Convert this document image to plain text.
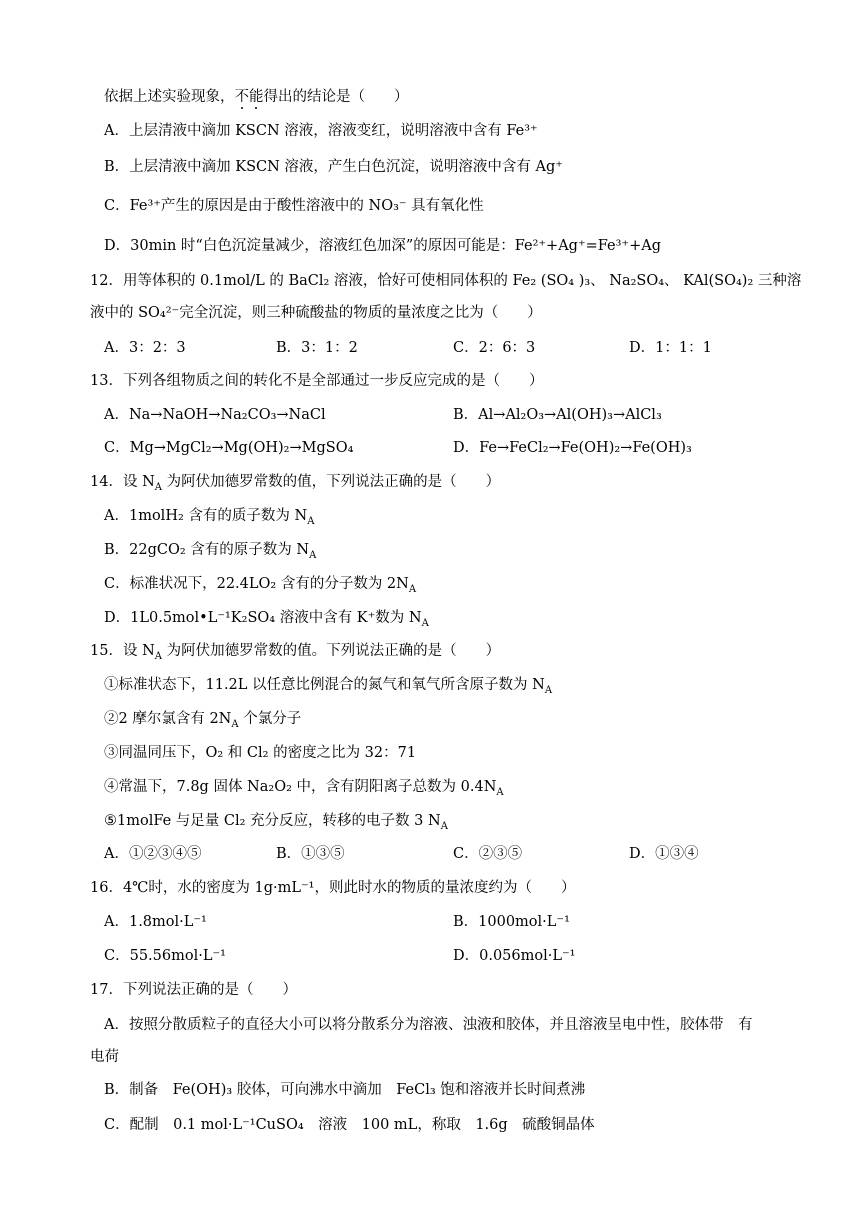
依据上述实验现象，不能得出的结论是（　　）
A．上层清液中滴加 KSCN 溶液，溶液变红，说明溶液中含有 Fe³⁺
B．上层清液中滴加 KSCN 溶液，产生白色沉淀，说明溶液中含有 Ag⁺
C．Fe³⁺产生的原因是由于酸性溶液中的 NO₃⁻ 具有氧化性
D．30min 时“白色沉淀量减少，溶液红色加深”的原因可能是：Fe²⁺+Ag⁺=Fe³⁺+Ag
12．用等体积的 0.1mol/L 的 BaCl₂ 溶液，恰好可使相同体积的 Fe₂ (SO₄ )₃、 Na₂SO₄、 KAl(SO₄)₂ 三种溶
液中的 SO₄²⁻完全沉淀，则三种硫酸盐的物质的量浓度之比为（　　）
A．3：2：3	B．3：1：2	C．2：6：3	D．1：1：1
13．下列各组物质之间的转化不是全部通过一步反应完成的是（　　）
A．Na→NaOH→Na₂CO₃→NaCl	B．Al→Al₂O₃→Al(OH)₃→AlCl₃
C．Mg→MgCl₂→Mg(OH)₂→MgSO₄	D．Fe→FeCl₂→Fe(OH)₂→Fe(OH)₃
14．设 $N_A$ 为阿伏加德罗常数的值，下列说法正确的是（　　）
A．1molH₂ 含有的质子数为 $N_A$
B．22gCO₂ 含有的原子数为 $N_A$
C．标准状况下，22.4LO₂ 含有的分子数为 $2N_A$
D．1L0.5mol•L⁻¹K₂SO₄ 溶液中含有 K⁺数为 $N_A$
15．设 $N_A$ 为阿伏加德罗常数的值。下列说法正确的是（　　）
①标准状态下，11.2L 以任意比例混合的氮气和氧气所含原子数为 $N_A$
②2 摩尔氯含有 $2N_A$ 个氯分子
③同温同压下，O₂ 和 Cl₂ 的密度之比为 32：71
④常温下，7.8g 固体 Na₂O₂ 中，含有阴阳离子总数为 $0.4N_A$
⑤1molFe 与足量 Cl₂ 充分反应，转移的电子数 3 $N_A$
A．①②③④⑤	B．①③⑤	C．②③⑤	D．①③④
16．4℃时，水的密度为 1g·mL⁻¹，则此时水的物质的量浓度约为（　　）
A．1.8mol·L⁻¹	B．1000mol·L⁻¹
C．55.56mol·L⁻¹	D．0.056mol·L⁻¹
17．下列说法正确的是（　　）
A．按照分散质粒子的直径大小可以将分散系分为溶液、浊液和胶体，并且溶液呈电中性，胶体带　有
电荷
B．制备　Fe(OH)₃ 胶体，可向沸水中滴加　FeCl₃ 饱和溶液并长时间煮沸
C．配制　0.1 mol·L⁻¹CuSO₄　溶液　100 mL，称取　1.6g　硫酸铜晶体
